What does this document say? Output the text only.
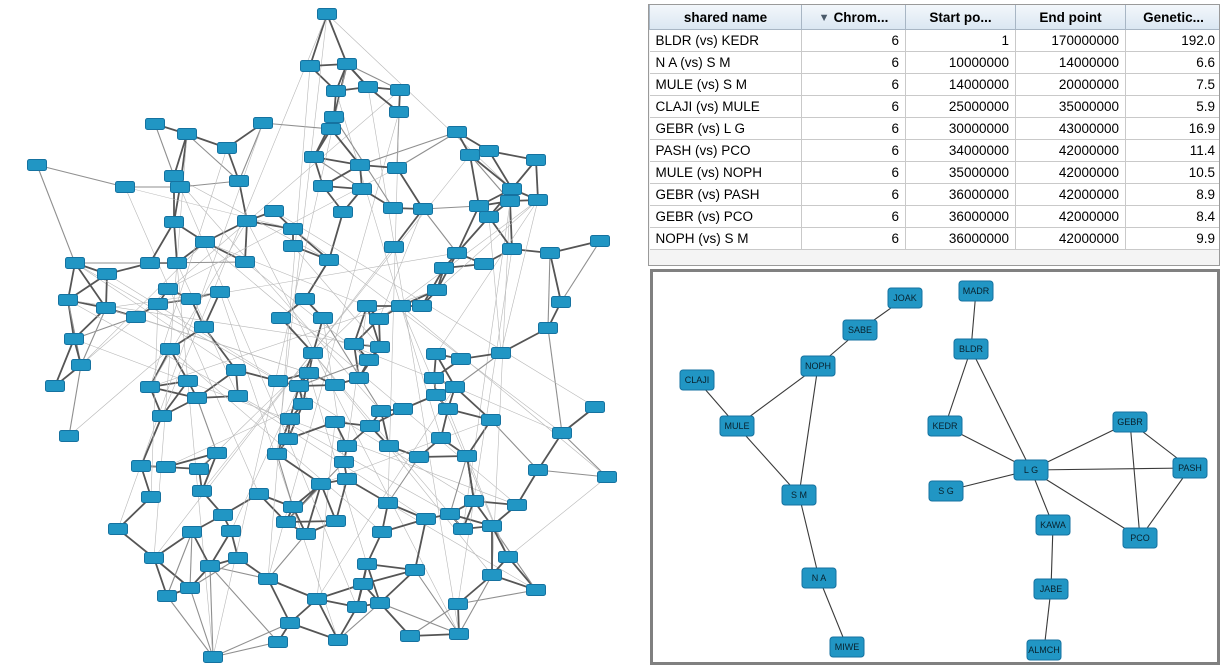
shared name	▼ Chrom...	Start po...	End point	Genetic...
BLDR (vs) KEDR	6	1	170000000	192.0
N A (vs) S M	6	10000000	14000000	6.6
MULE (vs) S M	6	14000000	20000000	7.5
CLAJI (vs) MULE	6	25000000	35000000	5.9
GEBR (vs) L G	6	30000000	43000000	16.9
PASH (vs) PCO	6	34000000	42000000	11.4
MULE (vs) NOPH	6	35000000	42000000	10.5
GEBR (vs) PASH	6	36000000	42000000	8.9
GEBR (vs) PCO	6	36000000	42000000	8.4
NOPH (vs) S M	6	36000000	42000000	9.9
JOAK
MADR
SABE
BLDR
NOPH
CLAJI
KEDR	GEBR
MULE
L G
S G
PASH
S M
KAWA
PCO
JABE
N A
ALMCH
MIWE
